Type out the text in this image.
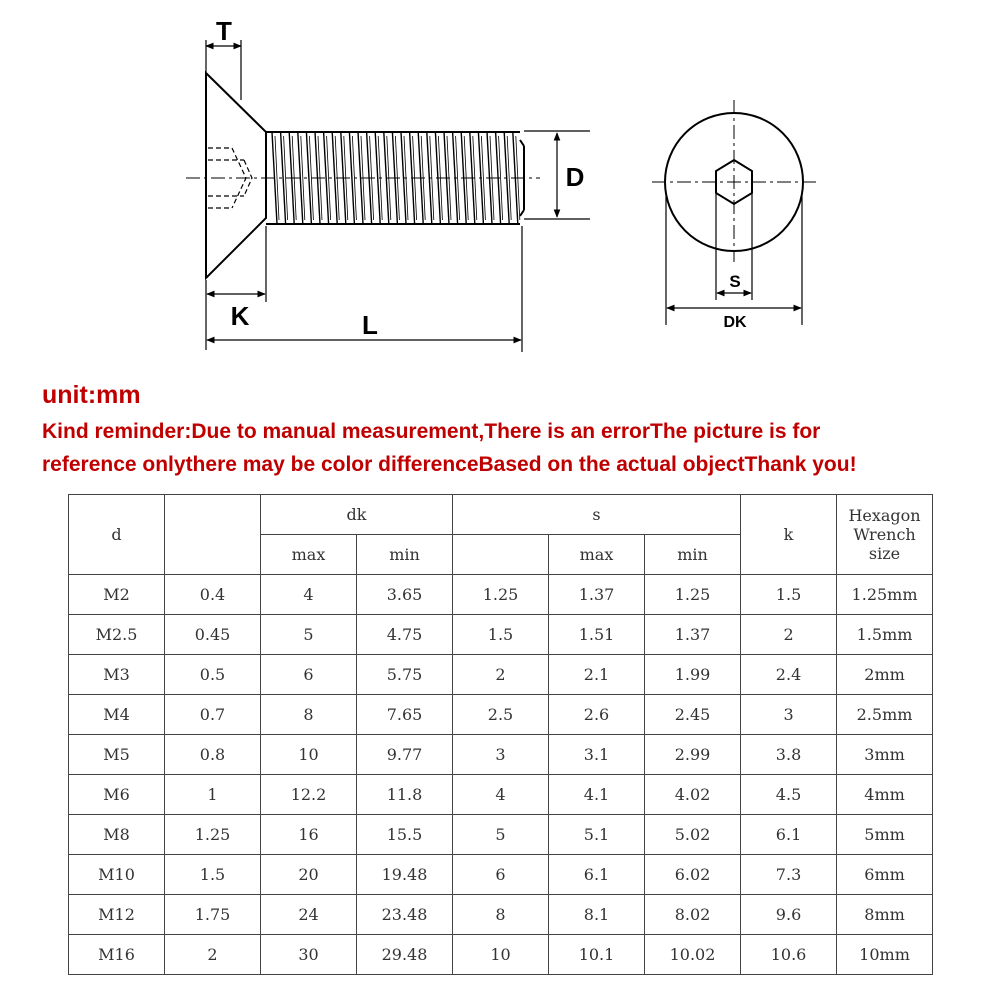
T
D
K	L
S
DK

unit:mm

Kind reminder:Due to manual measurement,There is an errorThe picture is for

reference onlythere may be color differenceBased on the actual objectThank you!

d		dk		s			k	Hexagon
Wrench
size
		max	min		max	min		
M2	0.4	4	3.65	1.25	1.37	1.25	1.5	1.25mm
M2.5	0.45	5	4.75	1.5	1.51	1.37	2	1.5mm
M3	0.5	6	5.75	2	2.1	1.99	2.4	2mm
M4	0.7	8	7.65	2.5	2.6	2.45	3	2.5mm
M5	0.8	10	9.77	3	3.1	2.99	3.8	3mm
M6	1	12.2	11.8	4	4.1	4.02	4.5	4mm
M8	1.25	16	15.5	5	5.1	5.02	6.1	5mm
M10	1.5	20	19.48	6	6.1	6.02	7.3	6mm
M12	1.75	24	23.48	8	8.1	8.02	9.6	8mm
M16	2	30	29.48	10	10.1	10.02	10.6	10mm
